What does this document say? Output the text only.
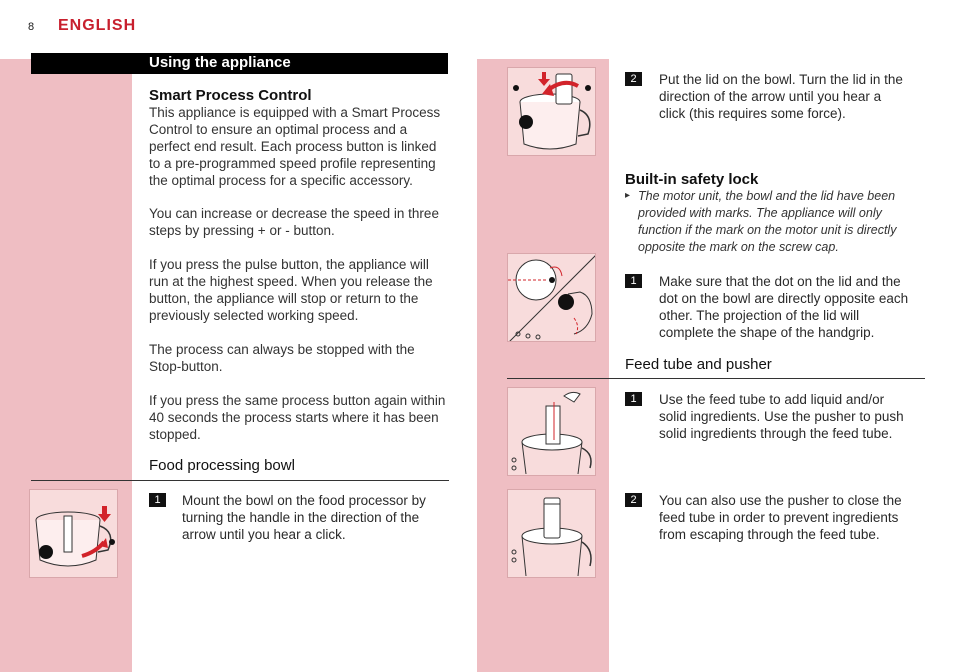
8 ENGLISH
Using the appliance
Smart Process Control
This appliance is equipped with a Smart Process
Control to ensure an optimal process and a
perfect end result. Each process button is linked
to a pre-programmed speed profile representing
the optimal process for a specific accessory.
You can increase or decrease the speed in three
steps by pressing + or - button.
If you press the pulse button, the appliance will
run at the highest speed. When you release the
button, the appliance will stop or return to the
previously selected working speed.
The process can always be stopped with the
Stop-button.
If you press the same process button again within
40 seconds the process starts where it has been
stopped.
Food processing bowl
1	Mount the bowl on the food processor by
turning the handle in the direction of the
arrow until you hear a click.
2	Put the lid on the bowl. Turn the lid in the
direction of the arrow until you hear a
click (this requires some force).
Built-in safety lock
▸ The motor unit, the bowl and the lid have been
provided with marks. The appliance will only
function if the mark on the motor unit is directly
opposite the mark on the screw cap.
1	Make sure that the dot on the lid and the
dot on the bowl are directly opposite each
other. The projection of the lid will
complete the shape of the handgrip.
Feed tube and pusher
1	Use the feed tube to add liquid and/or
solid ingredients. Use the pusher to push
solid ingredients through the feed tube.
2	You can also use the pusher to close the
feed tube in order to prevent ingredients
from escaping through the feed tube.
